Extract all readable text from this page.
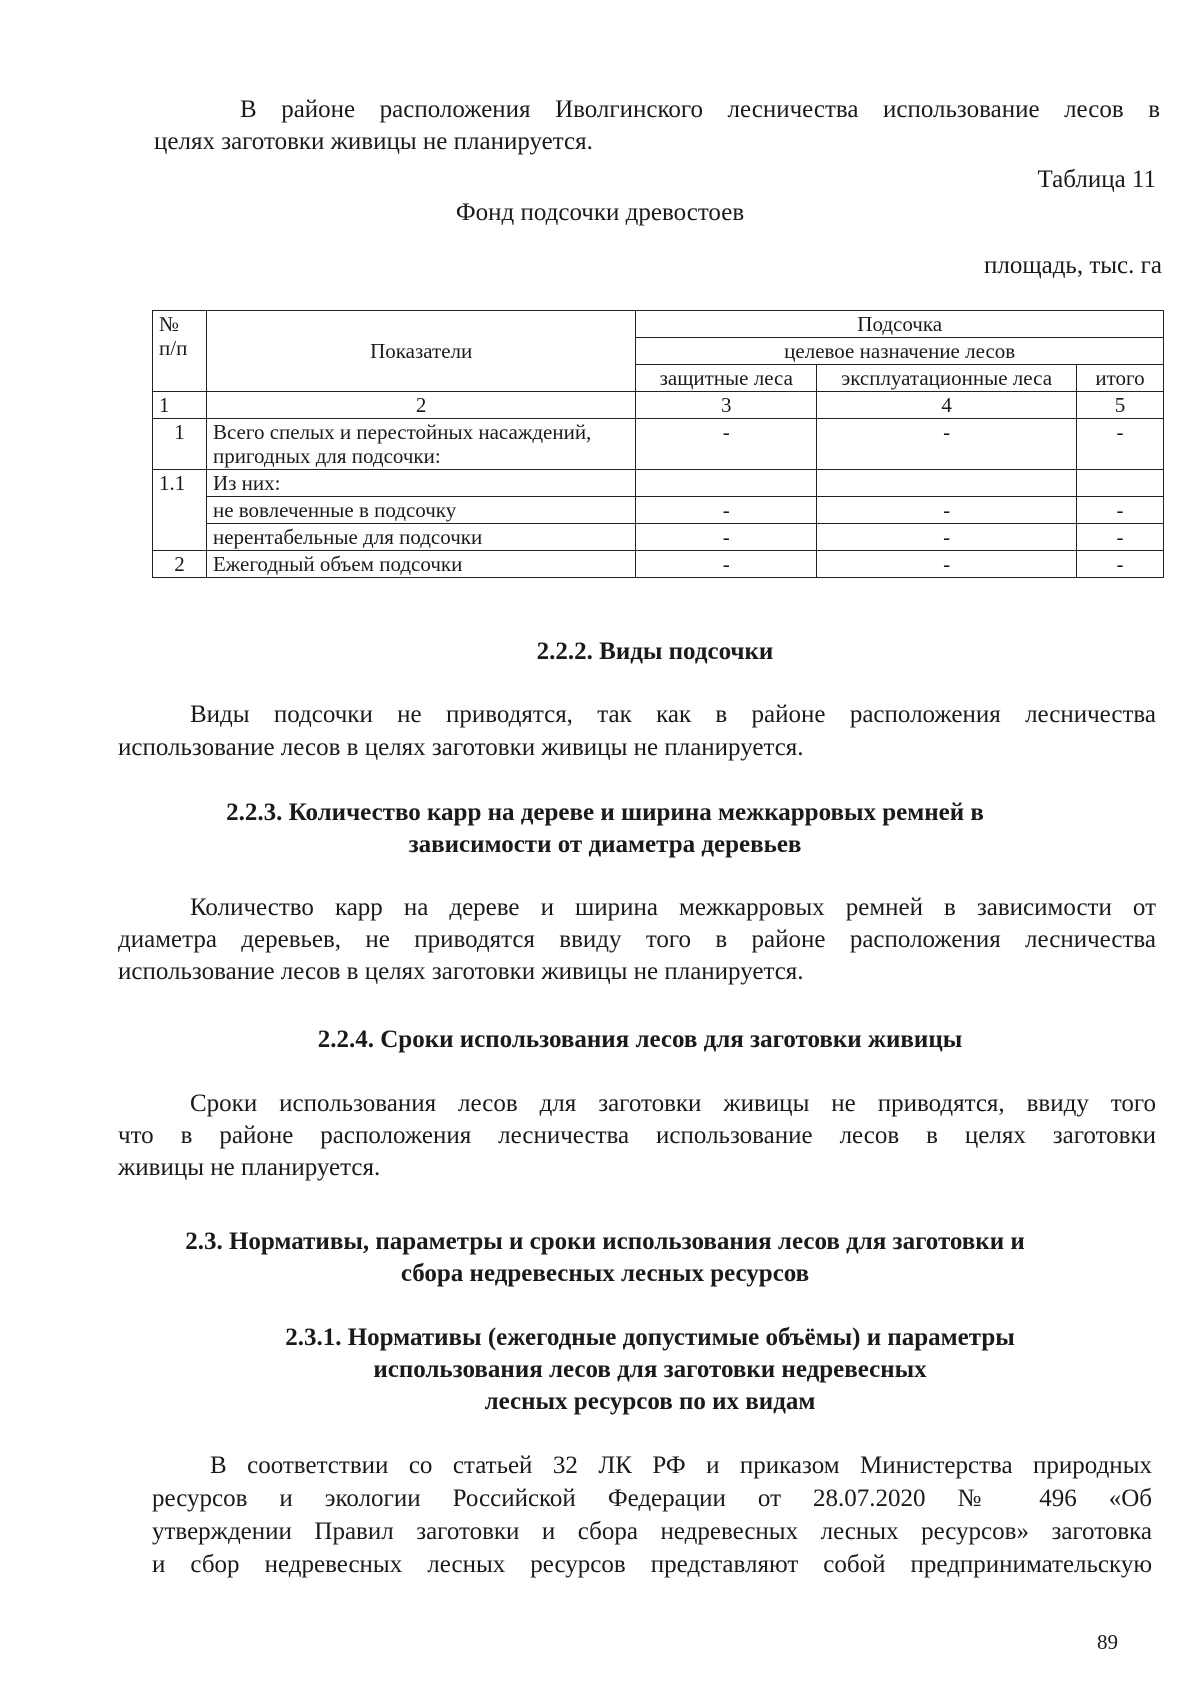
В районе расположения Иволгинского лесничества использование лесов в

целях заготовки живицы не планируется.

Таблица 11
Фонд подсочки древостоев
площадь, тыс. га
№ п/п	Показатели	Подсочка		
		целевое назначение лесов		
		защитные леса	эксплуатационные леса	итого
1	2	3	4	5
1	Всего спелых и перестойных насаждений, пригодных для подсочки:	-	-	-
1.1	Из них:			
	не вовлеченные в подсочку	-	-	-
	нерентабельные для подсочки	-	-	-
2	Ежегодный объем подсочки	-	-	-
2.2.2. Виды подсочки

Виды подсочки не приводятся, так как в районе расположения лесничества

использование лесов в целях заготовки живицы не планируется.

2.2.3. Количество карр на дереве и ширина межкарровых ремней в
зависимости от диаметра деревьев

Количество карр на дереве и ширина межкарровых ремней в зависимости от

диаметра деревьев, не приводятся ввиду того в районе расположения лесничества

использование лесов в целях заготовки живицы не планируется.

2.2.4. Сроки использования лесов для заготовки живицы

Сроки использования лесов для заготовки живицы не приводятся, ввиду того

что в районе расположения лесничества использование лесов в целях заготовки

живицы не планируется.

2.3. Нормативы, параметры и сроки использования лесов для заготовки и
сбора недревесных лесных ресурсов
2.3.1. Нормативы (ежегодные допустимые объёмы) и параметры
использования лесов для заготовки недревесных
лесных ресурсов по их видам

В соответствии со статьей 32 ЛК РФ и приказом Министерства природных

ресурсов и экологии Российской Федерации от 28.07.2020 № 496 «Об

утверждении Правил заготовки и сбора недревесных лесных ресурсов» заготовка

и сбор недревесных лесных ресурсов представляют собой предпринимательскую

89
